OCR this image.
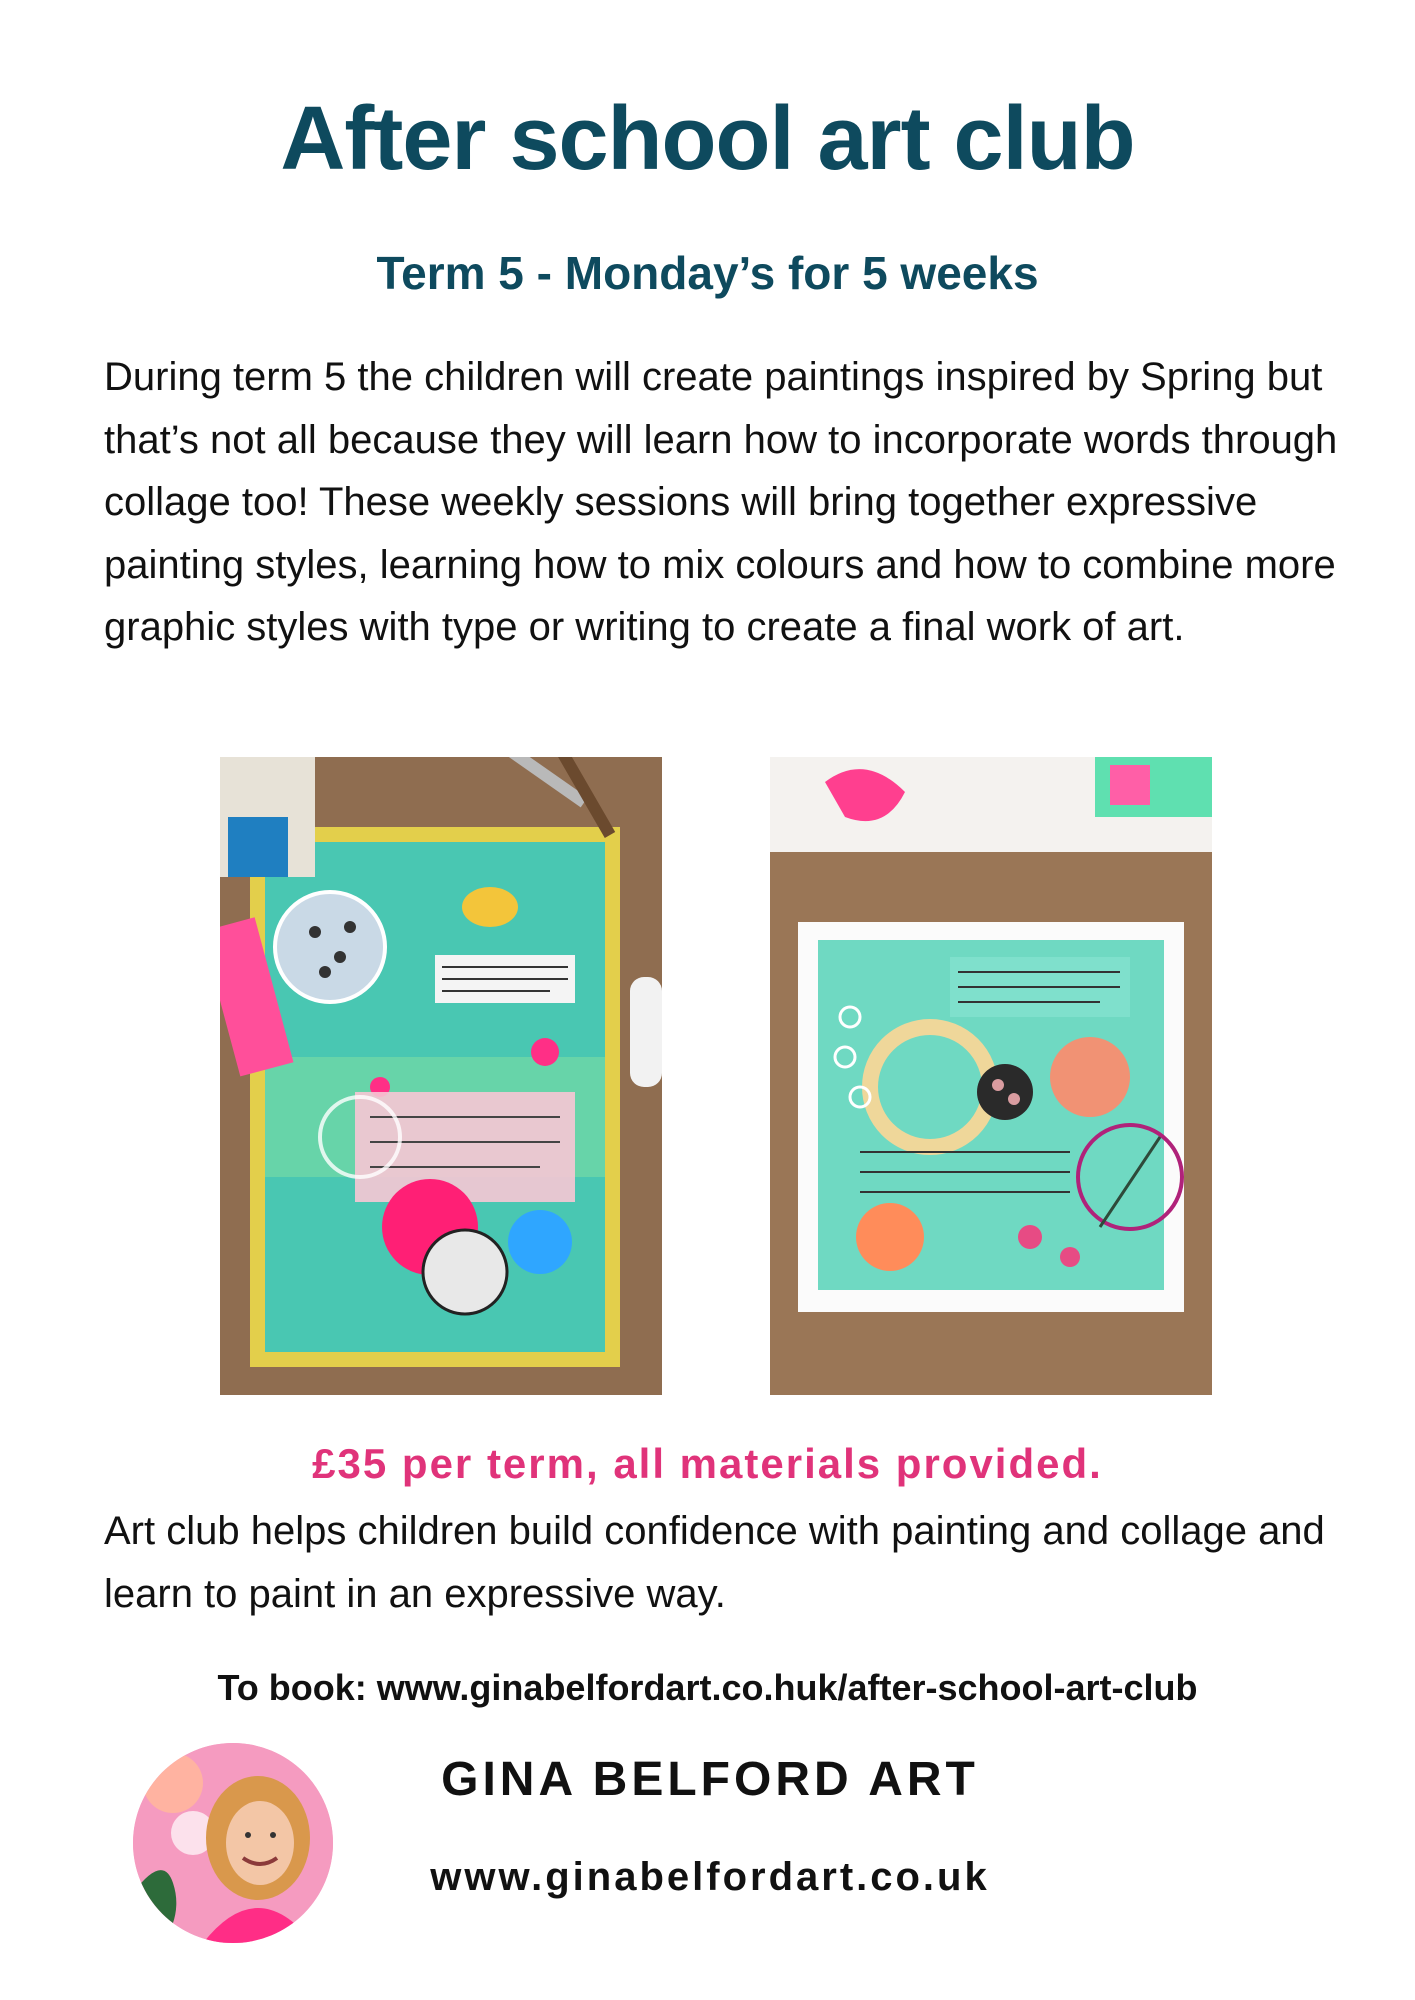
After school art club
Term 5 - Monday’s for 5 weeks

During term 5 the children will create paintings inspired by Spring but that’s not all because they will learn how to incorporate words through collage too! These weekly sessions will bring together expressive painting styles, learning how to mix colours and how to combine more graphic styles with type or writing to create a final work of art.

£35 per term, all materials provided.

Art club helps children build confidence with painting and collage and learn to paint in an expressive way.

To book: www.ginabelfordart.co.huk/after-school-art-club

GINA BELFORD ART

www.ginabelfordart.co.uk
